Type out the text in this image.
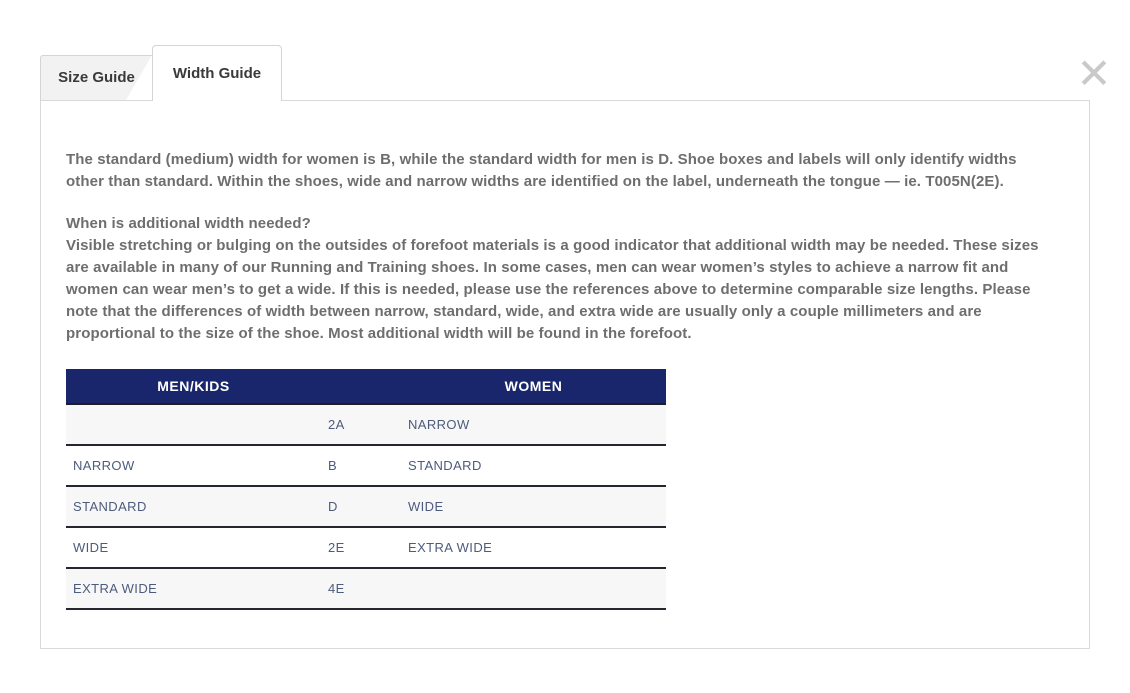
✕
Size Guide	Width Guide

The standard (medium) width for women is B, while the standard width for men is D. Shoe boxes and labels will only identify widths other than standard. Within the shoes, wide and narrow widths are identified on the label, underneath the tongue — ie. T005N(2E).

When is additional width needed?
Visible stretching or bulging on the outsides of forefoot materials is a good indicator that additional width may be needed. These sizes are available in many of our Running and Training shoes. In some cases, men can wear women’s styles to achieve a narrow fit and women can wear men’s to get a wide. If this is needed, please use the references above to determine comparable size lengths. Please note that the differences of width between narrow, standard, wide, and extra wide are usually only a couple millimeters and are proportional to the size of the shoe. Most additional width will be found in the forefoot.

MEN/KIDS		WOMEN
	2A	NARROW
NARROW	B	STANDARD
STANDARD	D	WIDE
WIDE	2E	EXTRA WIDE
EXTRA WIDE	4E	
